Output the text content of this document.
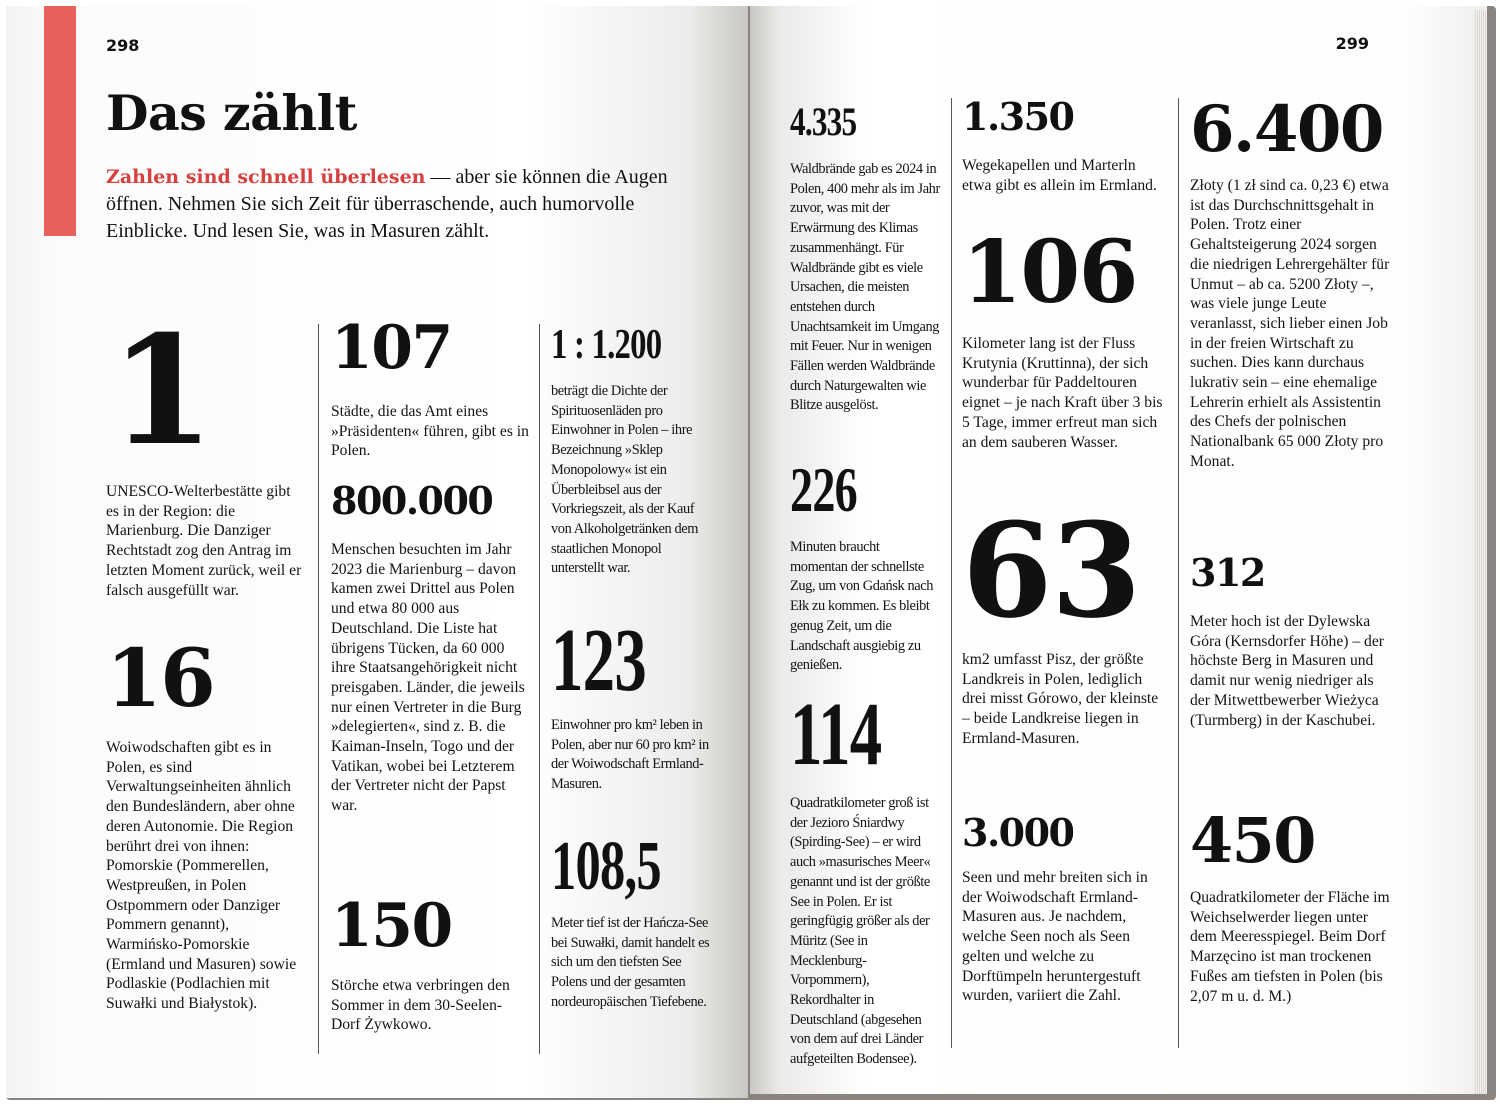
298
Das zählt

Zahlen sind schnell überlesen — aber sie können die Augen öffnen. Nehmen Sie sich Zeit für überraschende, auch humorvolle Einblicke. Und lesen Sie, was in Masuren zählt.

1

UNESCO-Welterbestätte gibt es in der Region: die Marienburg. Die Danziger Rechtstadt zog den Antrag im letzten Moment zurück, weil er falsch ausgefüllt war.

16

Woiwodschaften gibt es in Polen, es sind Verwaltungseinheiten ähnlich den Bundesländern, aber ohne deren Autonomie. Die Region berührt drei von ihnen: Pomorskie (Pommerellen, Westpreußen, in Polen Ostpommern oder Danziger Pommern genannt), Warmińsko-Pomorskie (Ermland und Masuren) sowie Podlaskie (Podlachien mit Suwałki und Białystok).

107

Städte, die das Amt eines »Präsidenten« führen, gibt es in Polen.

800.000

Menschen besuchten im Jahr 2023 die Marienburg – davon kamen zwei Drittel aus Polen und etwa 80 000 aus Deutschland. Die Liste hat übrigens Tücken, da 60 000 ihre Staatsangehörigkeit nicht preisgaben. Länder, die jeweils nur einen Vertreter in die Burg »delegierten«, sind z. B. die Kaiman-Inseln, Togo und der Vatikan, wobei bei Letzterem der Vertreter nicht der Papst war.

150

Störche etwa verbringen den Sommer in dem 30-Seelen-Dorf Żywkowo.

1 : 1.200

beträgt die Dichte der Spirituosenläden pro Einwohner in Polen – ihre Bezeichnung »Sklep Monopolowy« ist ein Überbleibsel aus der Vorkriegszeit, als der Kauf von Alkoholgetränken dem staatlichen Monopol unterstellt war.

123

Einwohner pro km² leben in Polen, aber nur 60 pro km² in der Woiwodschaft Ermland-Masuren.

108,5

Meter tief ist der Hańcza-See bei Suwałki, damit handelt es sich um den tiefsten See Polens und der gesamten nordeuropäischen Tiefebene.

299
4.335

Waldbrände gab es 2024 in Polen, 400 mehr als im Jahr zuvor, was mit der Erwärmung des Klimas zusammenhängt. Für Waldbrände gibt es viele Ursachen, die meisten entstehen durch Unachtsamkeit im Umgang mit Feuer. Nur in wenigen Fällen werden Waldbrände durch Naturgewalten wie Blitze ausgelöst.

226

Minuten braucht momentan der schnellste Zug, um von Gdańsk nach Ełk zu kommen. Es bleibt genug Zeit, um die Landschaft ausgiebig zu genießen.

114

Quadratkilometer groß ist der Jezioro Śniardwy (Spirding-See) – er wird auch »masurisches Meer« genannt und ist der größte See in Polen. Er ist geringfügig größer als der Müritz (See in Mecklenburg-Vorpommern), Rekordhalter in Deutschland (abgesehen von dem auf drei Länder aufgeteilten Bodensee).

1.350

Wegekapellen und Marterln etwa gibt es allein im Ermland.

106

Kilometer lang ist der Fluss Krutynia (Kruttinna), der sich wunderbar für Paddeltouren eignet – je nach Kraft über 3 bis 5 Tage, immer erfreut man sich an dem sauberen Wasser.

63

km2 umfasst Pisz, der größte Landkreis in Polen, lediglich drei misst Górowo, der kleinste – beide Landkreise liegen in Ermland-Masuren.

3.000

Seen und mehr breiten sich in der Woiwodschaft Ermland-Masuren aus. Je nachdem, welche Seen noch als Seen gelten und welche zu Dorftümpeln heruntergestuft wurden, variiert die Zahl.

6.400

Złoty (1 zł sind ca. 0,23 €) etwa ist das Durchschnittsgehalt in Polen. Trotz einer Gehaltsteigerung 2024 sorgen die niedrigen Lehrergehälter für Unmut – ab ca. 5200 Złoty –, was viele junge Leute veranlasst, sich lieber einen Job in der freien Wirtschaft zu suchen. Dies kann durchaus lukrativ sein – eine ehemalige Lehrerin erhielt als Assistentin des Chefs der polnischen Nationalbank 65 000 Złoty pro Monat.

312

Meter hoch ist der Dylewska Góra (Kernsdorfer Höhe) – der höchste Berg in Masuren und damit nur wenig niedriger als der Mitwettbewerber Wieżyca (Turmberg) in der Kaschubei.

450

Quadratkilometer der Fläche im Weichselwerder liegen unter dem Meeresspiegel. Beim Dorf Marzęcino ist man trockenen Fußes am tiefsten in Polen (bis 2,07 m u. d. M.)
